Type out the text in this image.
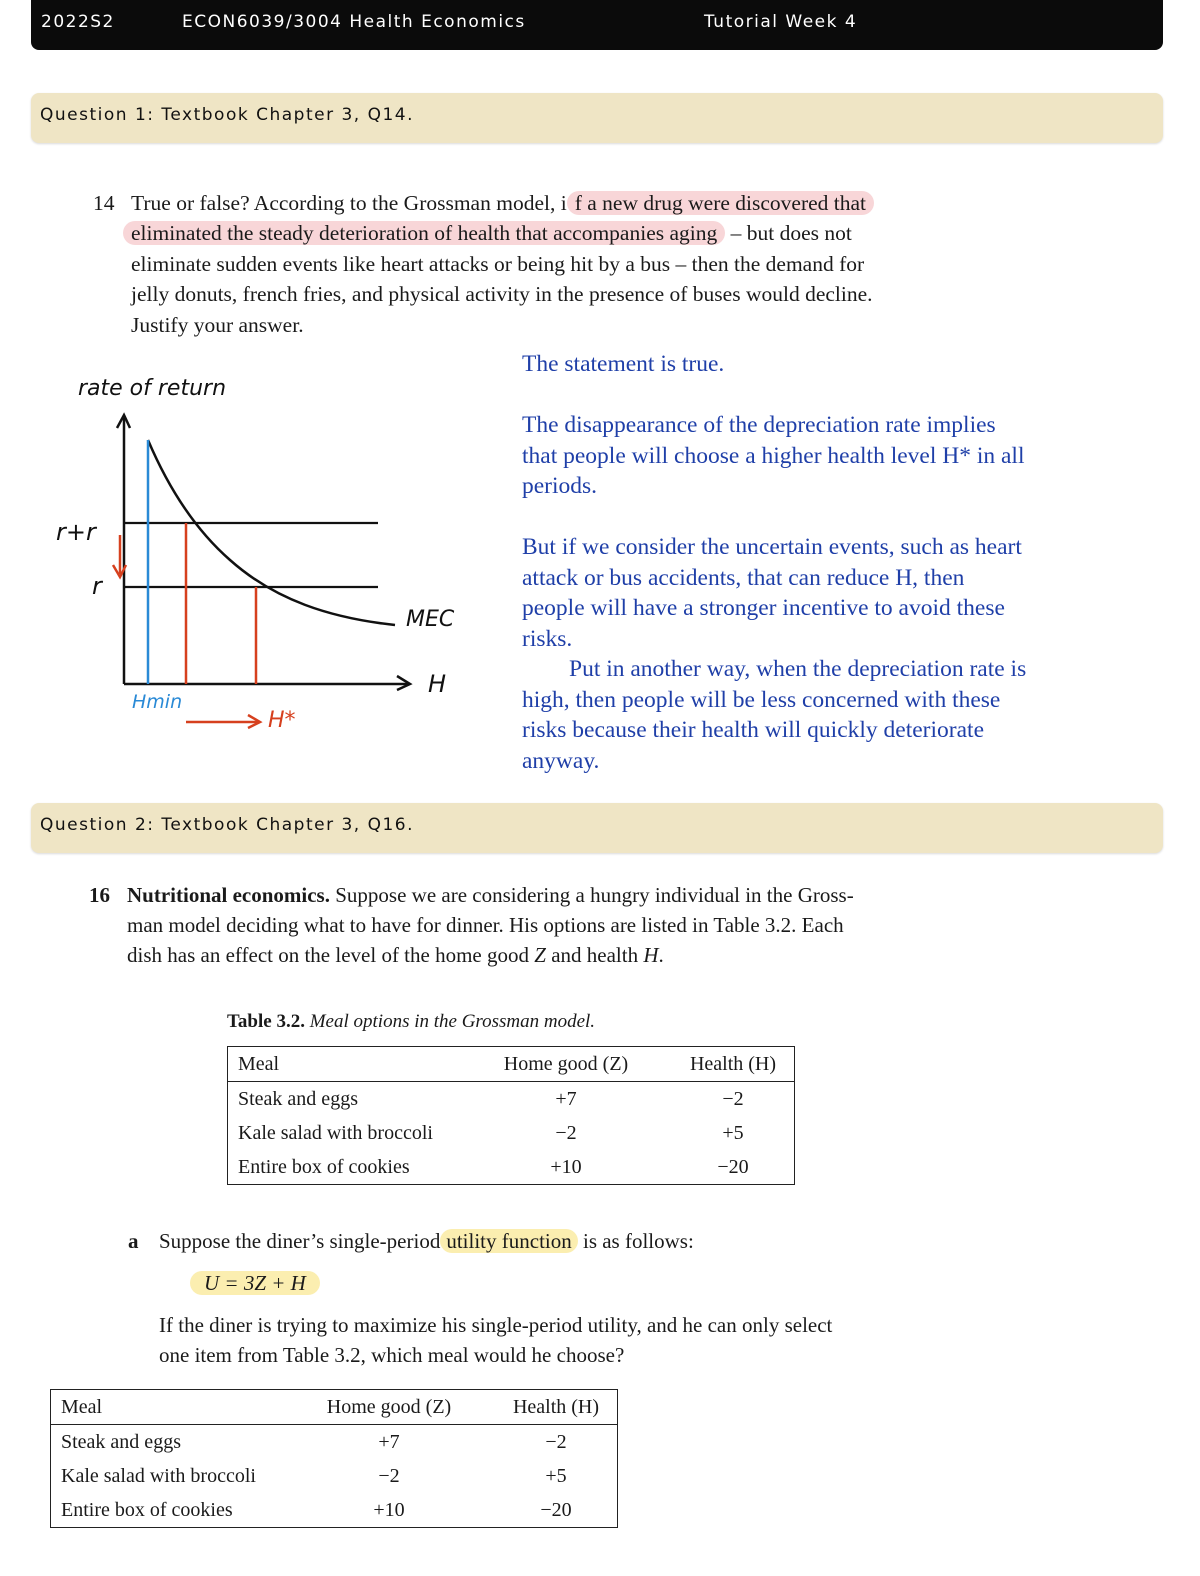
2022S2	ECON6039/3004 Health Economics	Tutorial Week 4
Question 1: Textbook Chapter 3, Q14.
14 True or false? According to the Grossman model, i f a new drug were discovered that
eliminated the steady deterioration of health that accompanies aging – but does not
eliminate sudden events like heart attacks or being hit by a bus – then the demand for
jelly donuts, french fries, and physical activity in the presence of buses would decline.
Justify your answer.
rate of return
r+r
r
MEC
H
Hmin
H*

The statement is true.

The disappearance of the depreciation rate implies

that people will choose a higher health level H* in all

periods.

But if we consider the uncertain events, such as heart

attack or bus accidents, that can reduce H, then

people will have a stronger incentive to avoid these

risks.

Put in another way, when the depreciation rate is

high, then people will be less concerned with these

risks because their health will quickly deteriorate

anyway.

Question 2: Textbook Chapter 3, Q16.
16 Nutritional economics. Suppose we are considering a hungry individual in the Gross-
man model deciding what to have for dinner. His options are listed in Table 3.2. Each
dish has an effect on the level of the home good Z and health H.
Table 3.2. Meal options in the Grossman model.
Meal	Home good (Z)	Health (H)
Steak and eggs	+7	−2
Kale salad with broccoli	−2	+5
Entire box of cookies	+10	−20
a Suppose the diner’s single-period utility function is as follows:
U = 3Z + H
If the diner is trying to maximize his single-period utility, and he can only select
one item from Table 3.2, which meal would he choose?
Meal	Home good (Z)	Health (H)
Steak and eggs	+7	−2
Kale salad with broccoli	−2	+5
Entire box of cookies	+10	−20
